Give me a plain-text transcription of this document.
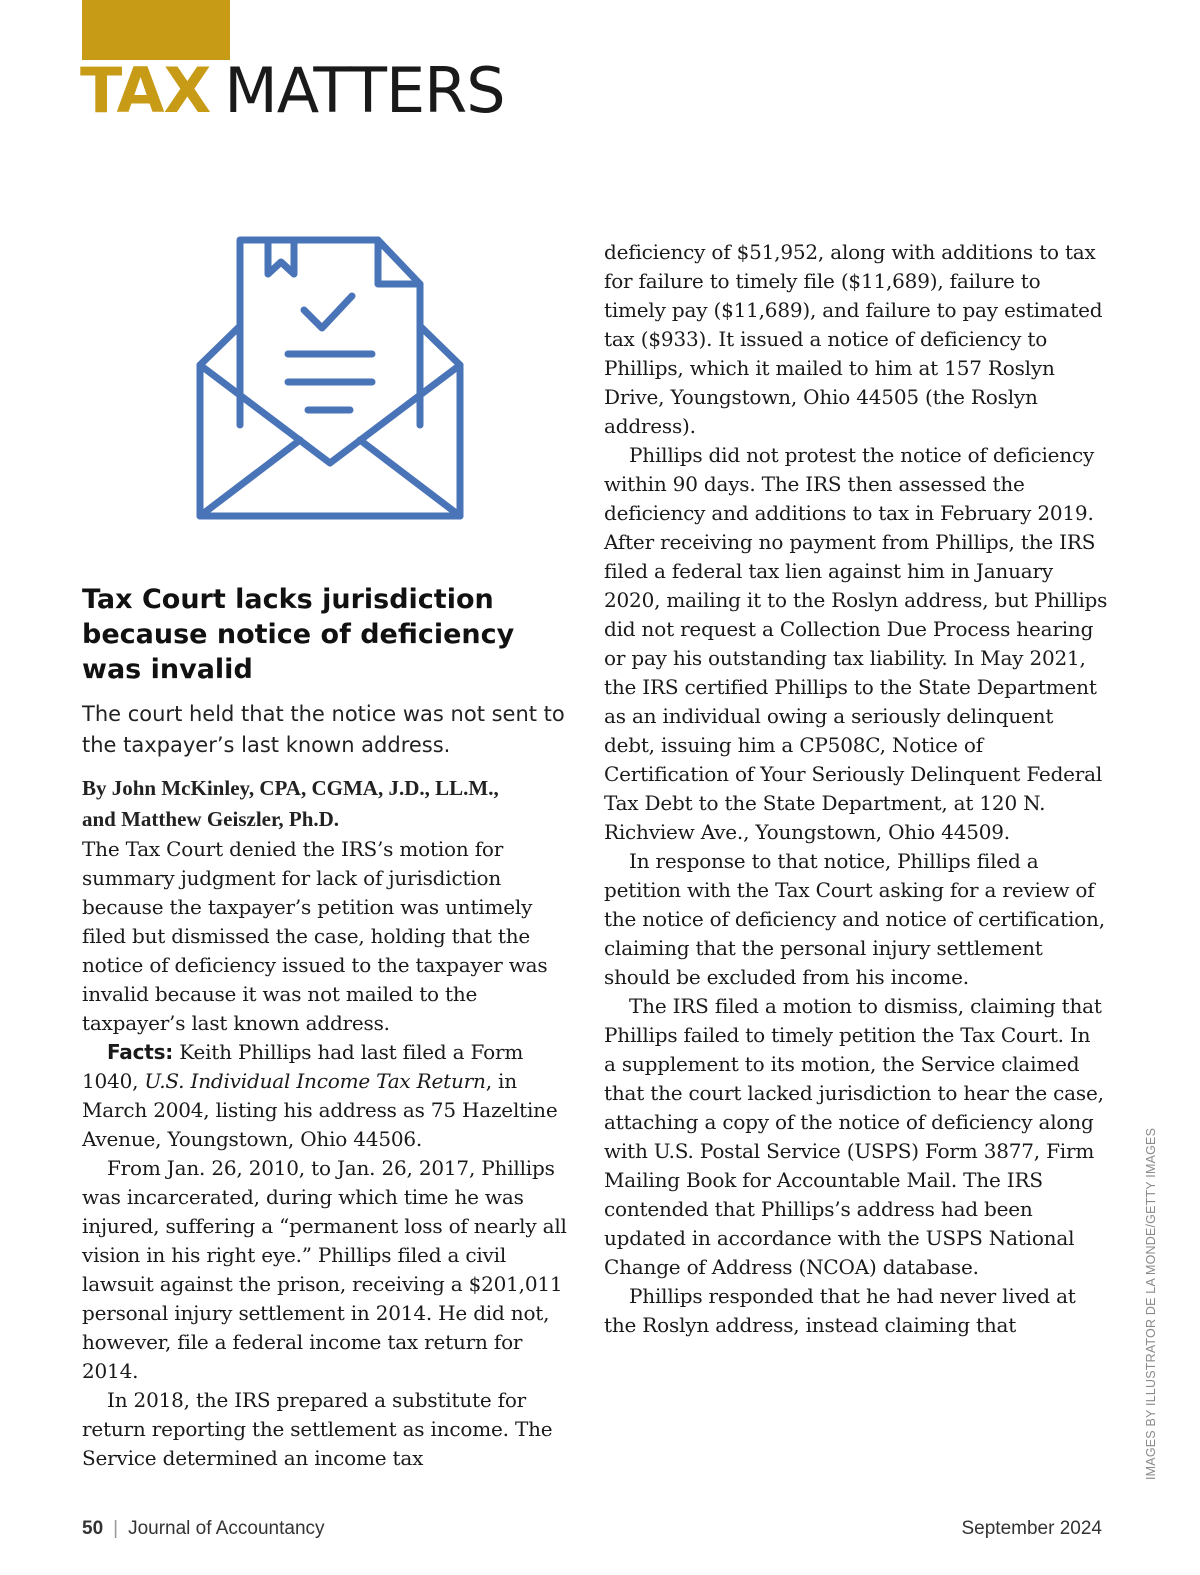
TAX MATTERS
Tax Court lacks jurisdiction because notice of deficiency was invalid

The court held that the notice was not sent to the taxpayer’s last known address.

By John McKinley, CPA, CGMA, J.D., LL.M.,
and Matthew Geiszler, Ph.D.

The Tax Court denied the IRS’s motion for summary judgment for lack of jurisdiction because the taxpayer’s petition was untimely filed but dismissed the case, holding that the notice of deficiency issued to the taxpayer was invalid because it was not mailed to the taxpayer’s last known address.

Facts: Keith Phillips had last filed a Form 1040, U.S. Individual Income Tax Return, in March 2004, listing his address as 75 Hazeltine Avenue, Youngstown, Ohio 44506.

From Jan. 26, 2010, to Jan. 26, 2017, Phillips was incarcerated, during which time he was injured, suffering a “permanent loss of nearly all vision in his right eye.” Phillips filed a civil lawsuit against the prison, receiving a $201,011 personal injury settlement in 2014. He did not, however, file a federal income tax return for 2014.

In 2018, the IRS prepared a substitute for return reporting the settlement as income. The Service determined an income tax

deficiency of $51,952, along with additions to tax for failure to timely file ($11,689), failure to timely pay ($11,689), and failure to pay estimated tax ($933). It issued a notice of deficiency to Phillips, which it mailed to him at 157 Roslyn Drive, Youngstown, Ohio 44505 (the Roslyn address).

Phillips did not protest the notice of deficiency within 90 days. The IRS then assessed the deficiency and additions to tax in February 2019. After receiving no payment from Phillips, the IRS filed a federal tax lien against him in January 2020, mailing it to the Roslyn address, but Phillips did not request a Collection Due Process hearing or pay his outstanding tax liability. In May 2021, the IRS certified Phillips to the State Department as an individual owing a seriously delinquent debt, issuing him a CP508C, Notice of Certification of Your Seriously Delinquent Federal Tax Debt to the State Department, at 120 N. Richview Ave., Youngstown, Ohio 44509.

In response to that notice, Phillips filed a petition with the Tax Court asking for a review of the notice of deficiency and notice of certification, claiming that the personal injury settlement should be excluded from his income.

The IRS filed a motion to dismiss, claiming that Phillips failed to timely petition the Tax Court. In a supplement to its motion, the Service claimed that the court lacked jurisdiction to hear the case, attaching a copy of the notice of deficiency along with U.S. Postal Service (USPS) Form 3877, Firm Mailing Book for Accountable Mail. The IRS contended that Phillips’s address had been updated in accordance with the USPS National Change of Address (NCOA) database.

Phillips responded that he had never lived at the Roslyn address, instead claiming that	IMAGES BY ILLUSTRATOR DE LA MONDE/GETTY IMAGES
50 | Journal of Accountancy	September 2024
